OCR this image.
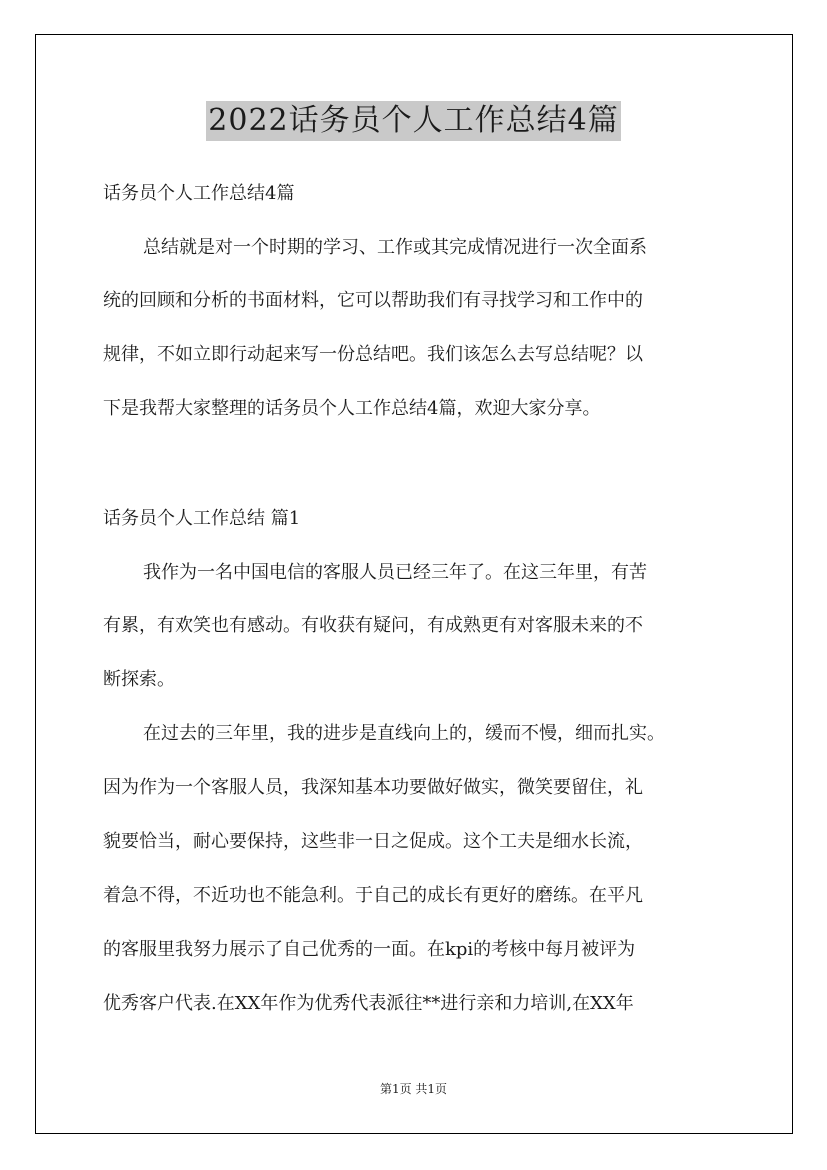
2022话务员个人工作总结4篇
话务员个人工作总结4篇
总结就是对一个时期的学习、工作或其完成情况进行一次全面系
统的回顾和分析的书面材料，它可以帮助我们有寻找学习和工作中的
规律，不如立即行动起来写一份总结吧。我们该怎么去写总结呢？以
下是我帮大家整理的话务员个人工作总结4篇，欢迎大家分享。
话务员个人工作总结 篇1
我作为一名中国电信的客服人员已经三年了。在这三年里，有苦
有累，有欢笑也有感动。有收获有疑问，有成熟更有对客服未来的不
断探索。
在过去的三年里，我的进步是直线向上的，缓而不慢，细而扎实。
因为作为一个客服人员，我深知基本功要做好做实，微笑要留住，礼
貌要恰当，耐心要保持，这些非一日之促成。这个工夫是细水长流，
着急不得，不近功也不能急利。于自己的成长有更好的磨练。在平凡
的客服里我努力展示了自己优秀的一面。在kpi的考核中每月被评为
优秀客户代表.在XX年作为优秀代表派往**进行亲和力培训,在XX年
第1页 共1页
